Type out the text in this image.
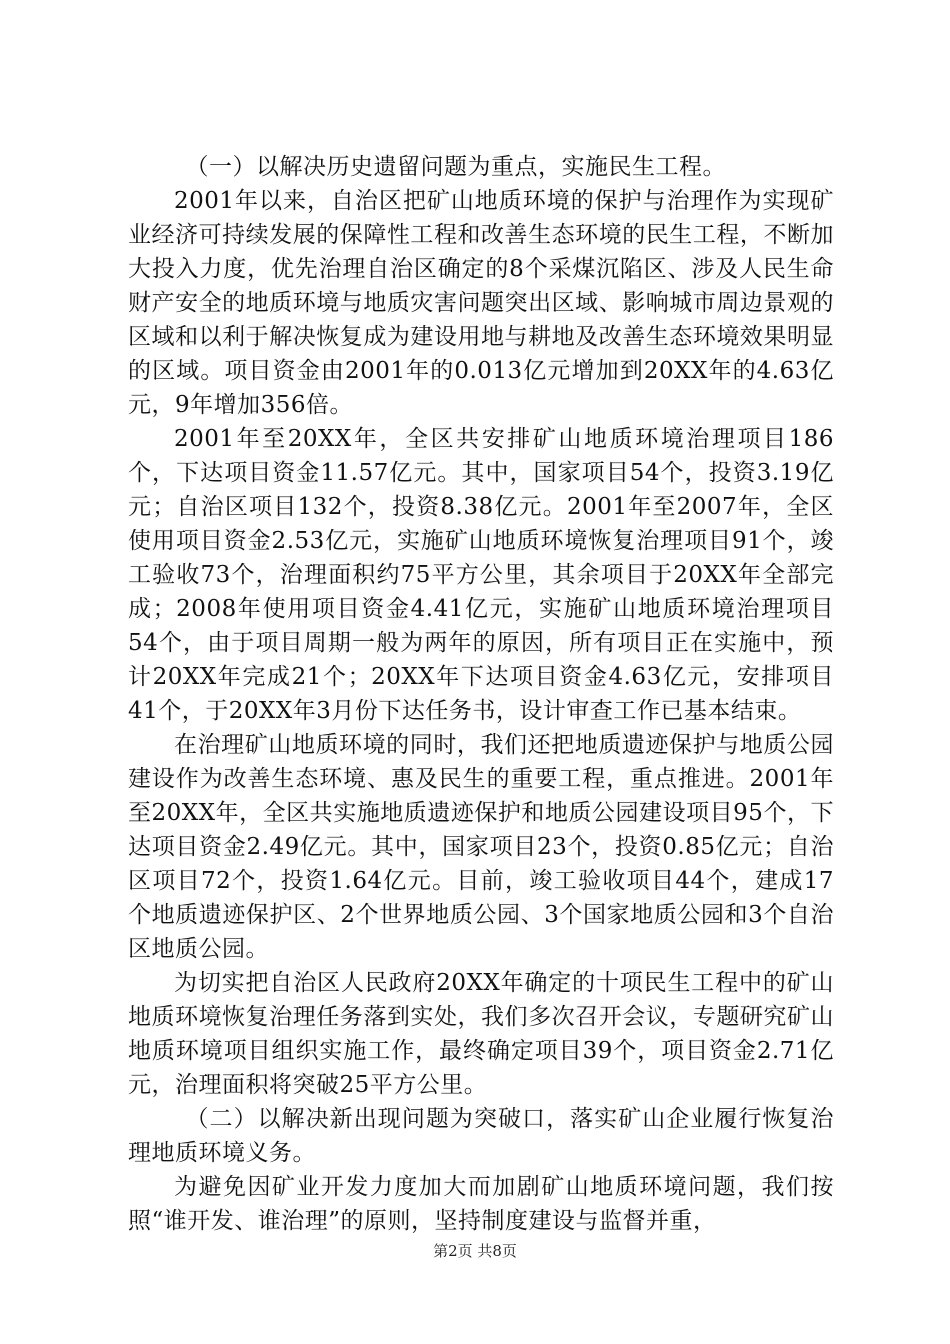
（一）以解决历史遗留问题为重点，实施民生工程。

2001年以来，自治区把矿山地质环境的保护与治理作为实现矿业经济可持续发展的保障性工程和改善生态环境的民生工程，不断加大投入力度，优先治理自治区确定的8个采煤沉陷区、涉及人民生命财产安全的地质环境与地质灾害问题突出区域、影响城市周边景观的区域和以利于解决恢复成为建设用地与耕地及改善生态环境效果明显的区域。项目资金由2001年的0.013亿元增加到20XX年的4.63亿元，9年增加356倍。

2001年至20XX年，全区共安排矿山地质环境治理项目186个，下达项目资金11.57亿元。其中，国家项目54个，投资3.19亿元；自治区项目132个，投资8.38亿元。2001年至2007年，全区使用项目资金2.53亿元，实施矿山地质环境恢复治理项目91个，竣工验收73个，治理面积约75平方公里，其余项目于20XX年全部完成；2008年使用项目资金4.41亿元，实施矿山地质环境治理项目54个，由于项目周期一般为两年的原因，所有项目正在实施中，预计20XX年完成21个；20XX年下达项目资金4.63亿元，安排项目41个，于20XX年3月份下达任务书，设计审查工作已基本结束。

在治理矿山地质环境的同时，我们还把地质遗迹保护与地质公园建设作为改善生态环境、惠及民生的重要工程，重点推进。2001年至20XX年，全区共实施地质遗迹保护和地质公园建设项目95个，下达项目资金2.49亿元。其中，国家项目23个，投资0.85亿元；自治区项目72个，投资1.64亿元。目前，竣工验收项目44个，建成17个地质遗迹保护区、2个世界地质公园、3个国家地质公园和3个自治区地质公园。

为切实把自治区人民政府20XX年确定的十项民生工程中的矿山地质环境恢复治理任务落到实处，我们多次召开会议，专题研究矿山地质环境项目组织实施工作，最终确定项目39个，项目资金2.71亿元，治理面积将突破25平方公里。

（二）以解决新出现问题为突破口，落实矿山企业履行恢复治理地质环境义务。

为避免因矿业开发力度加大而加剧矿山地质环境问题，我们按照“谁开发、谁治理”的原则，坚持制度建设与监督并重，

第2页 共8页
